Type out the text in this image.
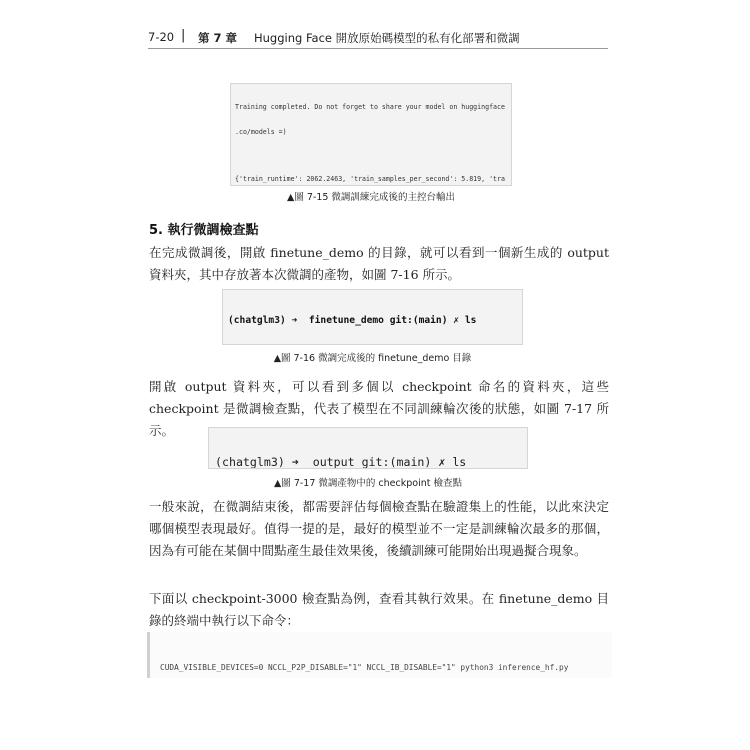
7-20 | 第 7 章 Hugging Face 開放原始碼模型的私有化部署和微調

Training completed. Do not forget to share your model on huggingface

.co/models =)

{'train_runtime': 2062.2463, 'train_samples_per_second': 5.819, 'tra

▲圖 7-15 微調訓練完成後的主控台輸出
5. 執行微調檢查點

在完成微調後，開啟 finetune_demo 的目錄，就可以看到一個新生成的 output 資料夾，其中存放著本次微調的產物，如圖 7-16 所示。

(chatglm3) ➜  finetune_demo git:(main) ✗ ls

▲圖 7-16 微調完成後的 finetune_demo 目錄

開啟 output 資料夾，可以看到多個以 checkpoint 命名的資料夾，這些 checkpoint 是微調檢查點，代表了模型在不同訓練輪次後的狀態，如圖 7-17 所示。

(chatglm3) ➜  output git:(main) ✗ ls

▲圖 7-17 微調產物中的 checkpoint 檢查點

一般來說，在微調結束後，都需要評估每個檢查點在驗證集上的性能，以此來決定哪個模型表現最好。值得一提的是，最好的模型並不一定是訓練輪次最多的那個，因為有可能在某個中間點產生最佳效果後，後續訓練可能開始出現過擬合現象。

下面以 checkpoint-3000 檢查點為例，查看其執行效果。在 finetune_demo 目錄的終端中執行以下命令：

CUDA_VISIBLE_DEVICES=0 NCCL_P2P_DISABLE="1" NCCL_IB_DISABLE="1" python3 inference_hf.py
